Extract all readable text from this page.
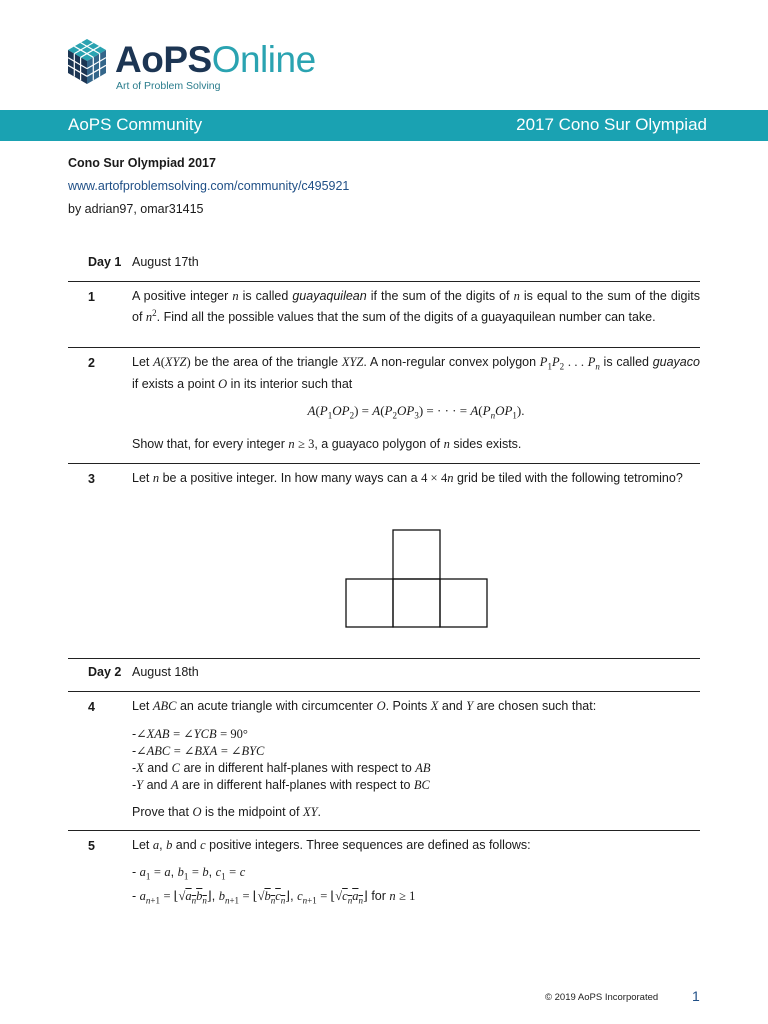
AoPSOnline
Art of Problem Solving
AoPS Community	2017 Cono Sur Olympiad
Cono Sur Olympiad 2017
www.artofproblemsolving.com/community/c495921
by adrian97, omar31415
Day 1 August 17th
1	A positive integer n is called guayaquilean if the sum of the digits of n is equal to the sum of the digits of $n^2$. Find all the possible values that the sum of the digits of a guayaquilean number can take.
2	Let A(XYZ) be the area of the triangle XYZ. A non-regular convex polygon $P_1P_2$ . . . $P_n$ is called guayaco if exists a point O in its interior such that
$A(P_1OP_2) = A(P_2OP_3)$ = · · · = $A(P_nOP_1)$.
Show that, for every integer n ≥ 3, a guayaco polygon of n sides exists.
3	Let n be a positive integer. In how many ways can a 4 × 4n grid be tiled with the following tetromino?
Day 2 August 18th
4	Let ABC an acute triangle with circumcenter O. Points X and Y are chosen such that:
-∠XAB = ∠YCB = 90°
-∠ABC = ∠BXA = ∠BYC
-X and C are in different half-planes with respect to AB
-Y and A are in different half-planes with respect to BC
Prove that O is the midpoint of XY.
5	Let a, b and c positive integers. Three sequences are defined as follows:
- $a_1 = a$, $b_1 = b$, $c_1 = c$
- $a_{n+1}$ = $⌊√a_nb_n⌋$, $b_{n+1}$ = $⌊√b_nc_n⌋$, $c_{n+1}$ = $⌊√c_na_n⌋$ for n ≥ 1
© 2019 AoPS Incorporated 1
